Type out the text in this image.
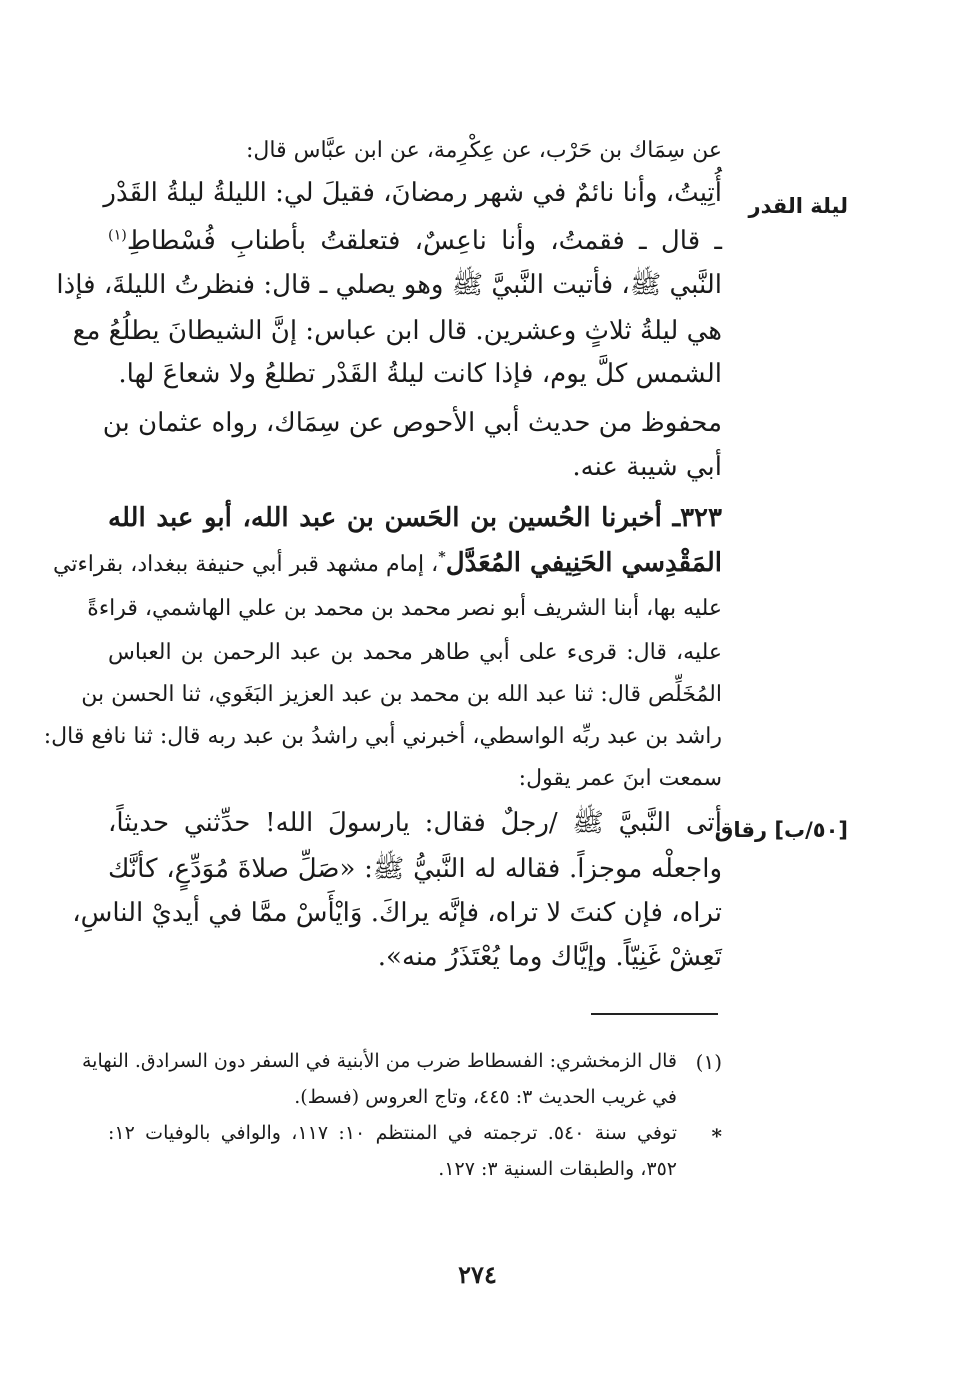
عن سِمَاك بن حَرْب، عن عِكْرِمة، عن ابن عبَّاس قال:
ليلة القدر
أُتِيتُ، وأنا نائمٌ في شهر رمضانَ، فقيلَ لي: الليلةُ ليلةُ القَدْر
ـ قال ـ فقمتُ، وأنا ناعِسٌ، فتعلقتُ بأطنابِ فُسْطاطِ$^{(١)}$
النَّبي ﷺ، فأتيت النَّبيَّ ﷺ وهو يصلي ـ قال: فنظرتُ الليلةَ، فإذا
هي ليلةُ ثلاثٍ وعشرين. قال ابن عباس: إنَّ الشيطانَ يطلُعُ مع
الشمس كلَّ يوم، فإذا كانت ليلةُ القَدْر تطلعُ ولا شعاعَ لها.
محفوظ من حديث أبي الأحوص عن سِمَاك، رواه عثمان بن
أبي شيبة عنه.
٣٢٣ـ أخبرنا الحُسين بن الحَسن بن عبد الله، أبو عبد الله
المَقْدِسي الحَنِيفي المُعَدَّل*، إمام مشهد قبر أبي حنيفة ببغداد، بقراءتي
عليه بها، أبنا الشريف أبو نصر محمد بن محمد بن علي الهاشمي، قراءةً
عليه، قال: قرىء على أبي طاهر محمد بن عبد الرحمن بن العباس
المُخَلِّص قال: ثنا عبد الله بن محمد بن عبد العزيز البَغَوي، ثنا الحسن بن
راشد بن عبد ربِّه الواسطي، أخبرني أبي راشدُ بن عبد ربه قال: ثنا نافع قال:
سمعت ابنَ عمر يقول:
[٥٠/ب] رقاق
أتى النَّبيَّ ﷺ /رجلٌ فقال: يارسولَ الله! حدِّثني حديثاً،
واجعلْه موجزاً. فقاله له النَّبيُّ ﷺ: «صَلِّ صلاةَ مُوَدِّعٍ، كأنَّك
تراه، فإن كنتَ لا تراه، فإنَّه يراكَ. وَايْأَسْ ممَّا في أيديْ الناسِ،
تَعِشْ غَنِيّاً. وإيَّاك وما يُعْتَذَرُ منه».
(١)
قال الزمخشري: الفسطاط ضرب من الأبنية في السفر دون السرادق. النهاية
في غريب الحديث ٣: ٤٤٥، وتاج العروس (فسط).
*
توفي سنة ٥٤٠. ترجمته في المنتظم ١٠: ١١٧، والوافي بالوفيات ١٢:
٣٥٢، والطبقات السنية ٣: ١٢٧.
٢٧٤
